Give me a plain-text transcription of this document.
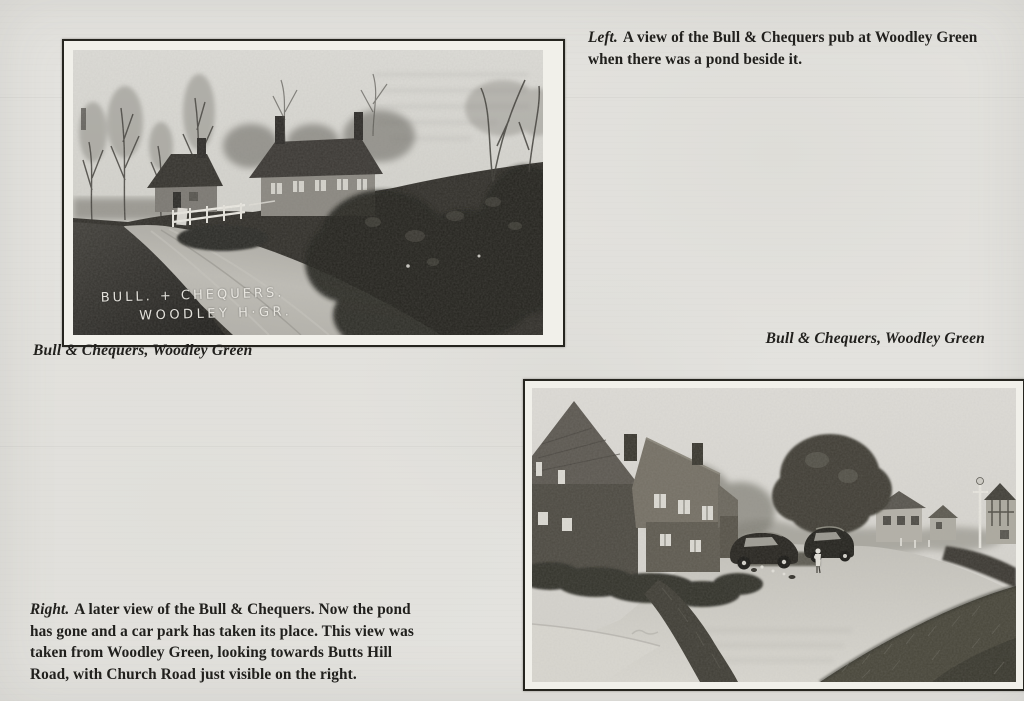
BULL. + CHEQUERS.
WOODLEY H·GR.

Bull & Chequers, Woodley Green

Left. A view of the Bull & Chequers pub at Woodley Green
when there was a pond beside it.

Bull & Chequers, Woodley Green

Right. A later view of the Bull & Chequers. Now the pond
has gone and a car park has taken its place. This view was
taken from Woodley Green, looking towards Butts Hill
Road, with Church Road just visible on the right.
